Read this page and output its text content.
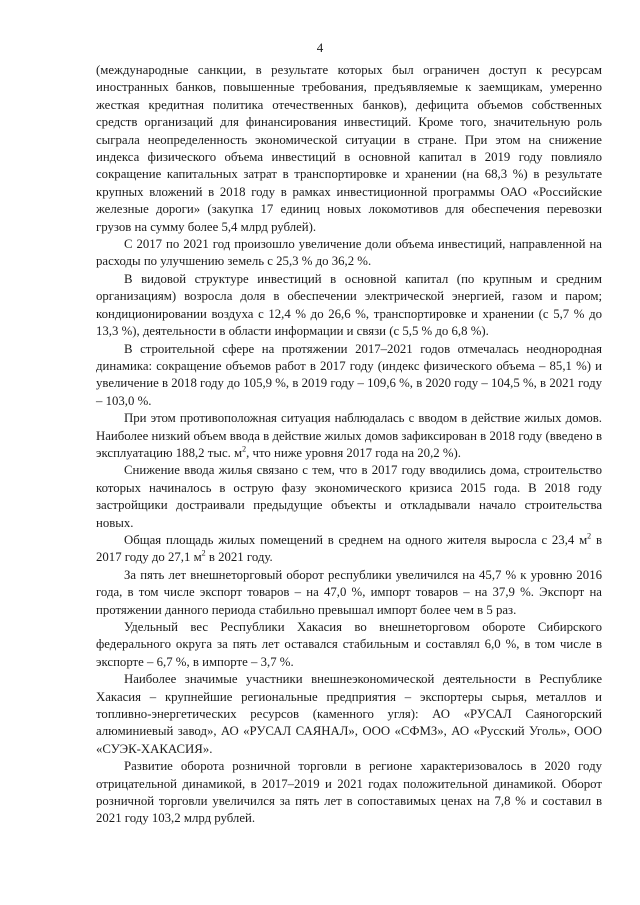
4

(международные санкции, в результате которых был ограничен доступ к ресурсам иностранных банков, повышенные требования, предъявляемые к заемщикам, умеренно жесткая кредитная политика отечественных банков), дефицита объемов собственных средств организаций для финансирования инвестиций. Кроме того, значительную роль сыграла неопределенность экономической ситуации в стране. При этом на снижение индекса физического объема инвестиций в основной капитал в 2019 году повлияло сокращение капитальных затрат в транспортировке и хранении (на 68,3 %) в результате крупных вложений в 2018 году в рамках инвестиционной программы ОАО «Российские железные дороги» (закупка 17 единиц новых локомотивов для обеспечения перевозки грузов на сумму более 5,4 млрд рублей).

С 2017 по 2021 год произошло увеличение доли объема инвестиций, направленной на расходы по улучшению земель с 25,3 % до 36,2 %.

В видовой структуре инвестиций в основной капитал (по крупным и средним организациям) возросла доля в обеспечении электрической энергией, газом и паром; кондиционировании воздуха с 12,4 % до 26,6 %, транспортировке и хранении (с 5,7 % до 13,3 %), деятельности в области информации и связи (с 5,5 % до 6,8 %).

В строительной сфере на протяжении 2017–2021 годов отмечалась неоднородная динамика: сокращение объемов работ в 2017 году (индекс физического объема – 85,1 %) и увеличение в 2018 году до 105,9 %, в 2019 году – 109,6 %, в 2020 году – 104,5 %, в 2021 году – 103,0 %.

При этом противоположная ситуация наблюдалась с вводом в действие жилых домов. Наиболее низкий объем ввода в действие жилых домов зафиксирован в 2018 году (введено в эксплуатацию 188,2 тыс. $м^2$, что ниже уровня 2017 года на 20,2 %).

Снижение ввода жилья связано с тем, что в 2017 году вводились дома, строительство которых начиналось в острую фазу экономического кризиса 2015 года. В 2018 году застройщики достраивали предыдущие объекты и откладывали начало строительства новых.

Общая площадь жилых помещений в среднем на одного жителя выросла с 23,4 $м^2$ в 2017 году до 27,1 $м^2$ в 2021 году.

За пять лет внешнеторговый оборот республики увеличился на 45,7 % к уровню 2016 года, в том числе экспорт товаров – на 47,0 %, импорт товаров – на 37,9 %. Экспорт на протяжении данного периода стабильно превышал импорт более чем в 5 раз.

Удельный вес Республики Хакасия во внешнеторговом обороте Сибирского федерального округа за пять лет оставался стабильным и составлял 6,0 %, в том числе в экспорте – 6,7 %, в импорте – 3,7 %.

Наиболее значимые участники внешнеэкономической деятельности в Республике Хакасия – крупнейшие региональные предприятия – экспортеры сырья, металлов и топливно-энергетических ресурсов (каменного угля): АО «РУСАЛ Саяногорский алюминиевый завод», АО «РУСАЛ САЯНАЛ», ООО «СФМЗ», АО «Русский Уголь», ООО «СУЭК-ХАКАСИЯ».

Развитие оборота розничной торговли в регионе характеризовалось в 2020 году отрицательной динамикой, в 2017–2019 и 2021 годах положительной динамикой. Оборот розничной торговли увеличился за пять лет в сопоставимых ценах на 7,8 % и составил в 2021 году 103,2 млрд рублей.
